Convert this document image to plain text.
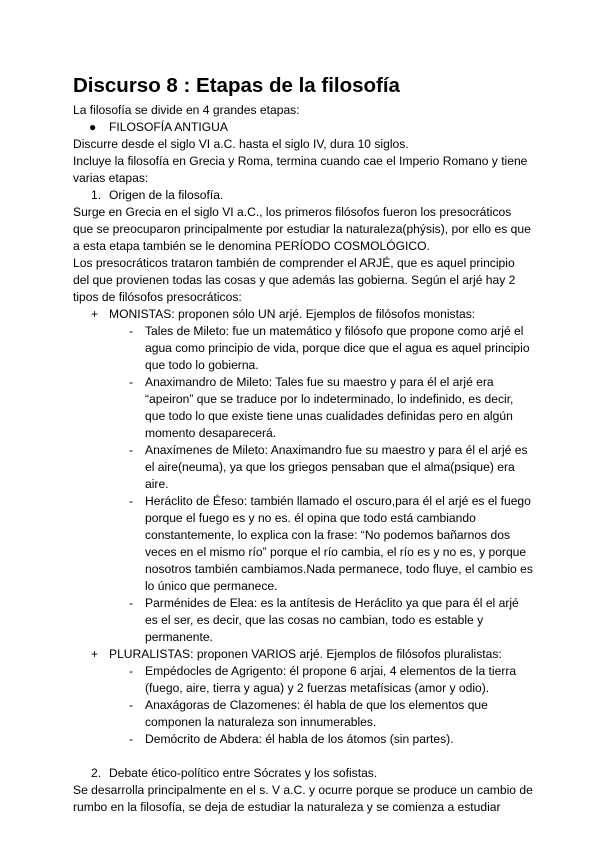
Discurso 8 : Etapas de la filosofía

La filosofía se divide en 4 grandes etapas:

● FILOSOFÍA ANTIGUA

Discurre desde el siglo VI a.C. hasta el siglo IV, dura 10 siglos.

Incluye la filosofía en Grecia y Roma, termina cuando cae el Imperio Romano y tiene varias etapas:

1. Origen de la filosofía.

Surge en Grecia en el siglo VI a.C., los primeros filósofos fueron los presocráticos que se preocuparon principalmente por estudiar la naturaleza(phýsis), por ello es que a esta etapa también se le denomina PERÍODO COSMOLÓGICO.

Los presocráticos trataron también de comprender el ARJÉ, que es aquel principio del que provienen todas las cosas y que además las gobierna. Según el arjé hay 2 tipos de filósofos presocráticos:

+ MONISTAS: proponen sólo UN arjé. Ejemplos de filósofos monistas:
- Tales de Mileto: fue un matemático y filósofo que propone como arjé el agua como principio de vida, porque dice que el agua es aquel principio que todo lo gobierna.
- Anaximandro de Mileto: Tales fue su maestro y para él el arjé era “apeiron” que se traduce por lo indeterminado, lo indefinido, es decir, que todo lo que existe tiene unas cualidades definidas pero en algún momento desaparecerá.
- Anaxímenes de Mileto: Anaximandro fue su maestro y para él el arjé es el aire(neuma), ya que los griegos pensaban que el alma(psique) era aire.
- Heráclito de Éfeso: también llamado el oscuro,para él el arjé es el fuego porque el fuego es y no es. él opina que todo está cambiando constantemente, lo explica con la frase: “No podemos bañarnos dos veces en el mismo río” porque el río cambia, el río es y no es, y porque nosotros también cambiamos.Nada permanece, todo fluye, el cambio es lo único que permanece.
- Parménides de Elea: es la antítesis de Heráclito ya que para él el arjé es el ser, es decir, que las cosas no cambian, todo es estable y permanente.
+ PLURALISTAS: proponen VARIOS arjé. Ejemplos de filósofos pluralistas:
- Empédocles de Agrigento: él propone 6 arjai, 4 elementos de la tierra (fuego, aire, tierra y agua) y 2 fuerzas metafísicas (amor y odio).
- Anaxágoras de Clazomenes: él habla de que los elementos que componen la naturaleza son innumerables.
- Demócrito de Abdera: él habla de los átomos (sin partes).
2. Debate ético-político entre Sócrates y los sofistas.

Se desarrolla principalmente en el s. V a.C. y ocurre porque se produce un cambio de rumbo en la filosofía, se deja de estudiar la naturaleza y se comienza a estudiar
